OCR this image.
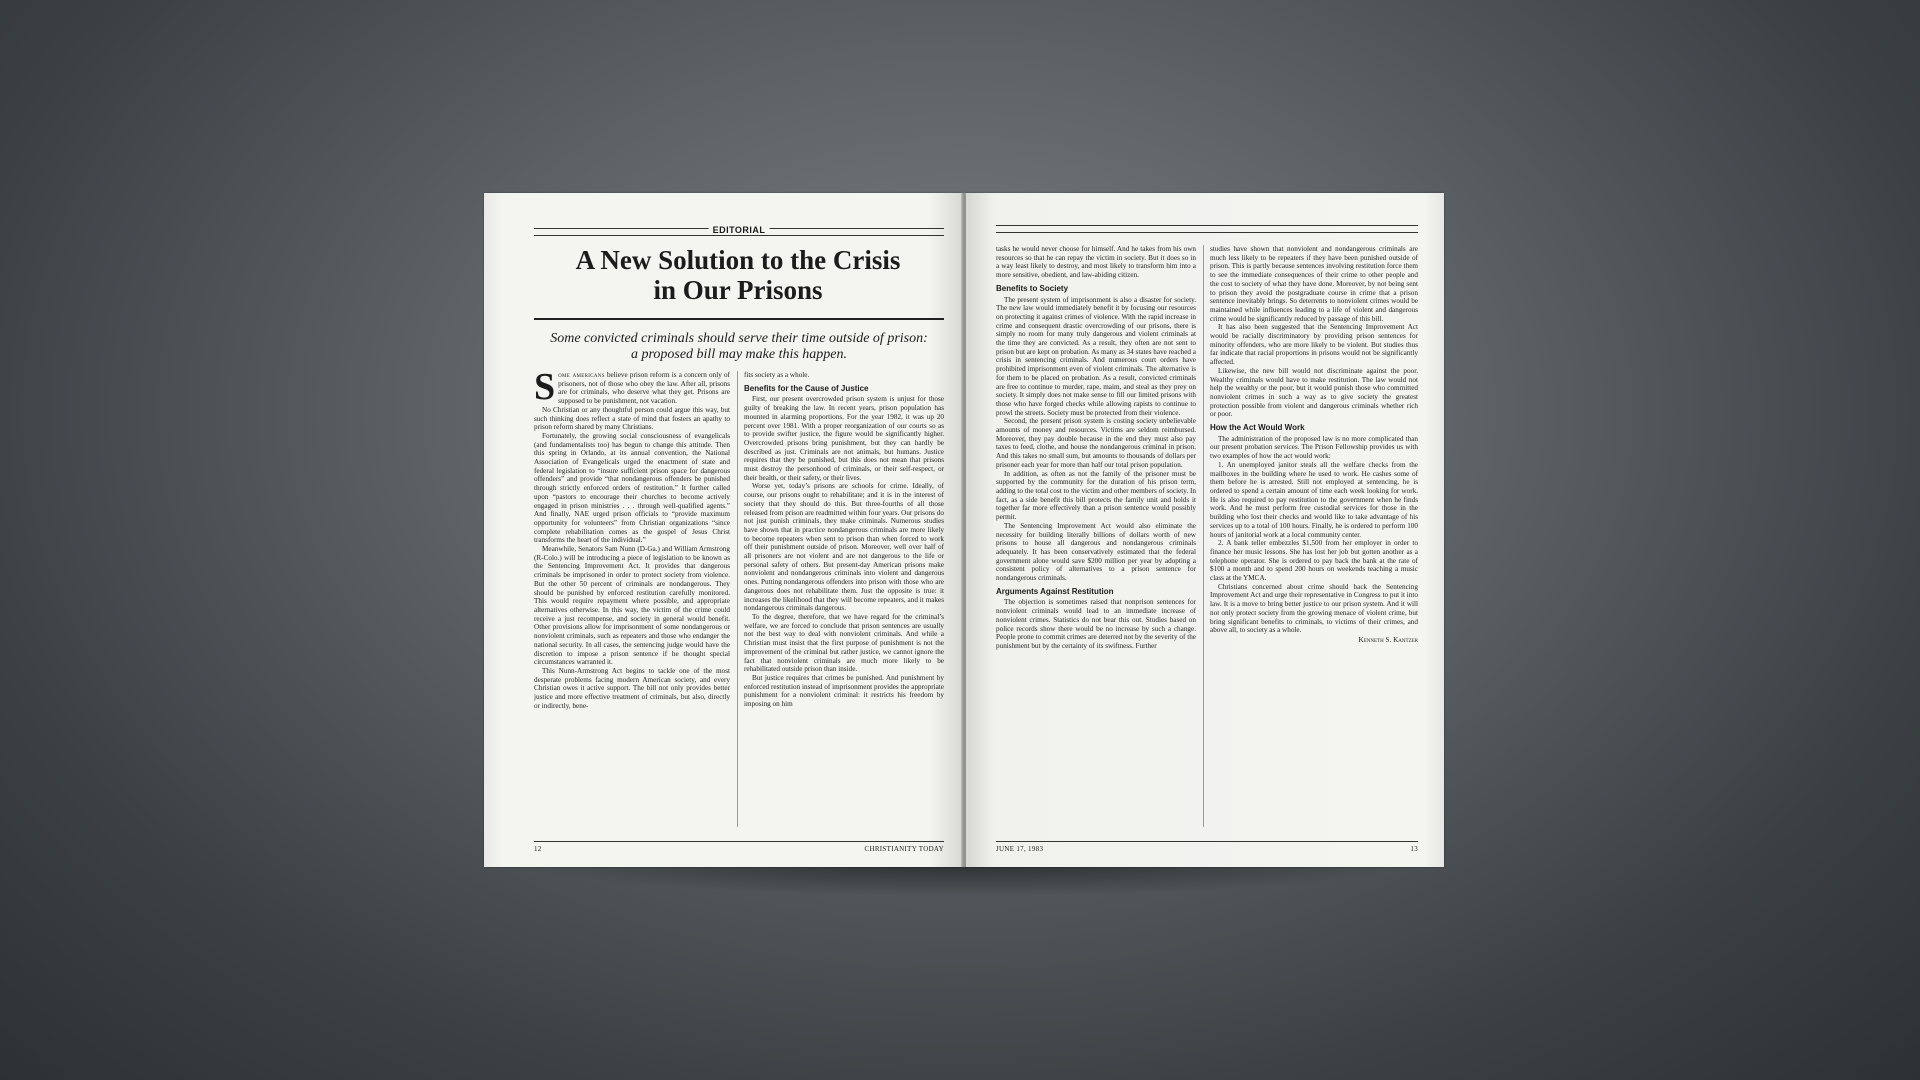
EDITORIAL
A New Solution to the Crisis
in Our Prisons
Some convicted criminals should serve their time outside of prison:
a proposed bill may make this happen.

Some americans believe prison reform is a concern only of prisoners, not of those who obey the law. After all, prisons are for criminals, who deserve what they get. Prisons are supposed to be punishment, not vacation.

No Christian or any thoughtful person could argue this way, but such thinking does reflect a state of mind that fosters an apathy to prison reform shared by many Christians.

Fortunately, the growing social consciousness of evangelicals (and fundamentalists too) has begun to change this attitude. Then this spring in Orlando, at its annual convention, the National Association of Evangelicals urged the enactment of state and federal legislation to “insure sufficient prison space for dangerous offenders” and provide “that nondangerous offenders be punished through strictly enforced orders of restitution.” It further called upon “pastors to encourage their churches to become actively engaged in prison ministries . . . through well-qualified agents.” And finally, NAE urged prison officials to “provide maximum opportunity for volunteers” from Christian organizations “since complete rehabilitation comes as the gospel of Jesus Christ transforms the heart of the individual.”

Meanwhile, Senators Sam Nunn (D-Ga.) and William Armstrong (R-Colo.) will be introducing a piece of legislation to be known as the Sentencing Improvement Act. It provides that dangerous criminals be imprisoned in order to protect society from violence. But the other 50 percent of criminals are nondangerous. They should be punished by enforced restitution carefully monitored. This would require repayment where possible, and appropriate alternatives otherwise. In this way, the victim of the crime could receive a just recompense, and society in general would benefit. Other provisions allow for imprisonment of some nondangerous or nonviolent criminals, such as repeaters and those who endanger the national security. In all cases, the sentencing judge would have the discretion to impose a prison sentence if he thought special circumstances warranted it.

This Nunn-Armstrong Act begins to tackle one of the most desperate problems facing modern American society, and every Christian owes it active support. The bill not only provides better justice and more effective treatment of criminals, but also, directly or indirectly, bene-

fits society as a whole.

Benefits for the Cause of Justice

First, our present overcrowded prison system is unjust for those guilty of breaking the law. In recent years, prison population has mounted in alarming proportions. For the year 1982, it was up 20 percent over 1981. With a proper reorganization of our courts so as to provide swifter justice, the figure would be significantly higher. Overcrowded prisons bring punishment, but they can hardly be described as just. Criminals are not animals, but humans. Justice requires that they be punished, but this does not mean that prisons must destroy the personhood of criminals, or their self-respect, or their health, or their safety, or their lives.

Worse yet, today’s prisons are schools for crime. Ideally, of course, our prisons ought to rehabilitate; and it is in the interest of society that they should do this. But three-fourths of all those released from prison are readmitted within four years. Our prisons do not just punish criminals, they make criminals. Numerous studies have shown that in practice nondangerous criminals are more likely to become repeaters when sent to prison than when forced to work off their punishment outside of prison. Moreover, well over half of all prisoners are not violent and are not dangerous to the life or personal safety of others. But present-day American prisons make nonviolent and nondangerous criminals into violent and dangerous ones. Putting nondangerous offenders into prison with those who are dangerous does not rehabilitate them. Just the opposite is true: it increases the likelihood that they will become repeaters, and it makes nondangerous criminals dangerous.

To the degree, therefore, that we have regard for the criminal’s welfare, we are forced to conclude that prison sentences are usually not the best way to deal with nonviolent criminals. And while a Christian must insist that the first purpose of punishment is not the improvement of the criminal but rather justice, we cannot ignore the fact that nonviolent criminals are much more likely to be rehabilitated outside prison than inside.

But justice requires that crimes be punished. And punishment by enforced restitution instead of imprisonment provides the appropriate punishment for a nonviolent criminal: it restricts his freedom by imposing on him

12	CHRISTIANITY TODAY

tasks he would never choose for himself. And he takes from his own resources so that he can repay the victim in society. But it does so in a way least likely to destroy, and most likely to transform him into a more sensitive, obedient, and law-abiding citizen.

Benefits to Society

The present system of imprisonment is also a disaster for society. The new law would immediately benefit it by focusing our resources on protecting it against crimes of violence. With the rapid increase in crime and consequent drastic overcrowding of our prisons, there is simply no room for many truly dangerous and violent criminals at the time they are convicted. As a result, they often are not sent to prison but are kept on probation. As many as 34 states have reached a crisis in sentencing criminals. And numerous court orders have prohibited imprisonment even of violent criminals. The alternative is for them to be placed on probation. As a result, convicted criminals are free to continue to murder, rape, maim, and steal as they prey on society. It simply does not make sense to fill our limited prisons with those who have forged checks while allowing rapists to continue to prowl the streets. Society must be protected from their violence.

Second, the present prison system is costing society unbelievable amounts of money and resources. Victims are seldom reimbursed. Moreover, they pay double because in the end they must also pay taxes to feed, clothe, and house the nondangerous criminal in prison. And this takes no small sum, but amounts to thousands of dollars per prisoner each year for more than half our total prison population.

In addition, as often as not the family of the prisoner must be supported by the community for the duration of his prison term, adding to the total cost to the victim and other members of society. In fact, as a side benefit this bill protects the family unit and holds it together far more effectively than a prison sentence would possibly permit.

The Sentencing Improvement Act would also eliminate the necessity for building literally billions of dollars worth of new prisons to house all dangerous and nondangerous criminals adequately. It has been conservatively estimated that the federal government alone would save $200 million per year by adopting a consistent policy of alternatives to a prison sentence for nondangerous criminals.

Arguments Against Restitution

The objection is sometimes raised that nonprison sentences for nonviolent criminals would lead to an immediate increase of nonviolent crimes. Statistics do not bear this out. Studies based on police records show there would be no increase by such a change. People prone to commit crimes are deterred not by the severity of the punishment but by the certainty of its swiftness. Further

studies have shown that nonviolent and nondangerous criminals are much less likely to be repeaters if they have been punished outside of prison. This is partly because sentences involving restitution force them to see the immediate consequences of their crime to other people and the cost to society of what they have done. Moreover, by not being sent to prison they avoid the postgraduate course in crime that a prison sentence inevitably brings. So deterrents to nonviolent crimes would be maintained while influences leading to a life of violent and dangerous crime would be significantly reduced by passage of this bill.

It has also been suggested that the Sentencing Improvement Act would be racially discriminatory by providing prison sentences for minority offenders, who are more likely to be violent. But studies thus far indicate that racial proportions in prisons would not be significantly affected.

Likewise, the new bill would not discriminate against the poor. Wealthy criminals would have to make restitution. The law would not help the wealthy or the poor, but it would punish those who committed nonviolent crimes in such a way as to give society the greatest protection possible from violent and dangerous criminals whether rich or poor.

How the Act Would Work

The administration of the proposed law is no more complicated than our present probation services. The Prison Fellowship provides us with two examples of how the act would work:

1. An unemployed janitor steals all the welfare checks from the mailboxes in the building where he used to work. He cashes some of them before he is arrested. Still not employed at sentencing, he is ordered to spend a certain amount of time each week looking for work. He is also required to pay restitution to the government when he finds work. And he must perform free custodial services for those in the building who lost their checks and would like to take advantage of his services up to a total of 100 hours. Finally, he is ordered to perform 100 hours of janitorial work at a local community center.

2. A bank teller embezzles $1,500 from her employer in order to finance her music lessons. She has lost her job but gotten another as a telephone operator. She is ordered to pay back the bank at the rate of $100 a month and to spend 200 hours on weekends teaching a music class at the YMCA.

Christians concerned about crime should back the Sentencing Improvement Act and urge their representative in Congress to put it into law. It is a move to bring better justice to our prison system. And it will not only protect society from the growing menace of violent crime, but bring significant benefits to criminals, to victims of their crimes, and above all, to society as a whole.

Kenneth S. Kantzer
JUNE 17, 1983	13
